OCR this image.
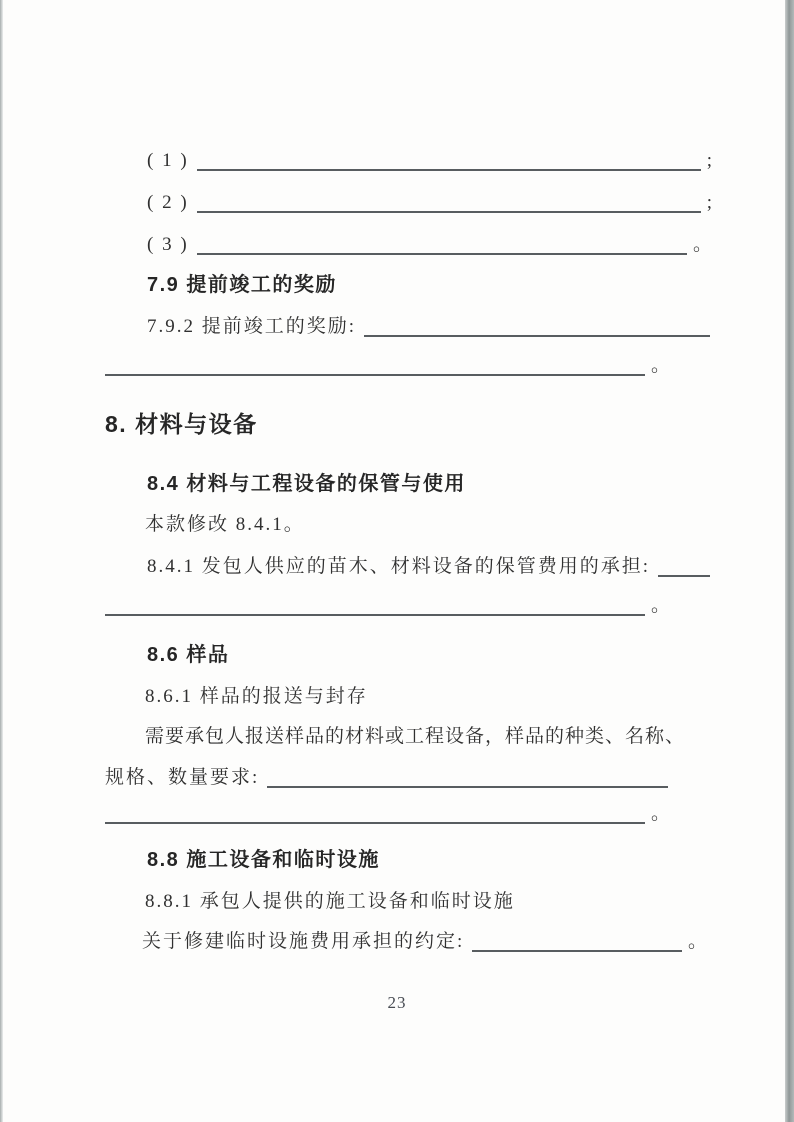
( 1 )	;
( 2 )	;
( 3 )	。
7.9 提前竣工的奖励
7.9.2 提前竣工的奖励:
。
8. 材料与设备
8.4 材料与工程设备的保管与使用
本款修改 8.4.1。
8.4.1 发包人供应的苗木、材料设备的保管费用的承担:
。
8.6 样品
8.6.1 样品的报送与封存
需要承包人报送样品的材料或工程设备，样品的种类、名称、
规格、数量要求:
。
8.8 施工设备和临时设施
8.8.1 承包人提供的施工设备和临时设施
关于修建临时设施费用承担的约定:	。
23
